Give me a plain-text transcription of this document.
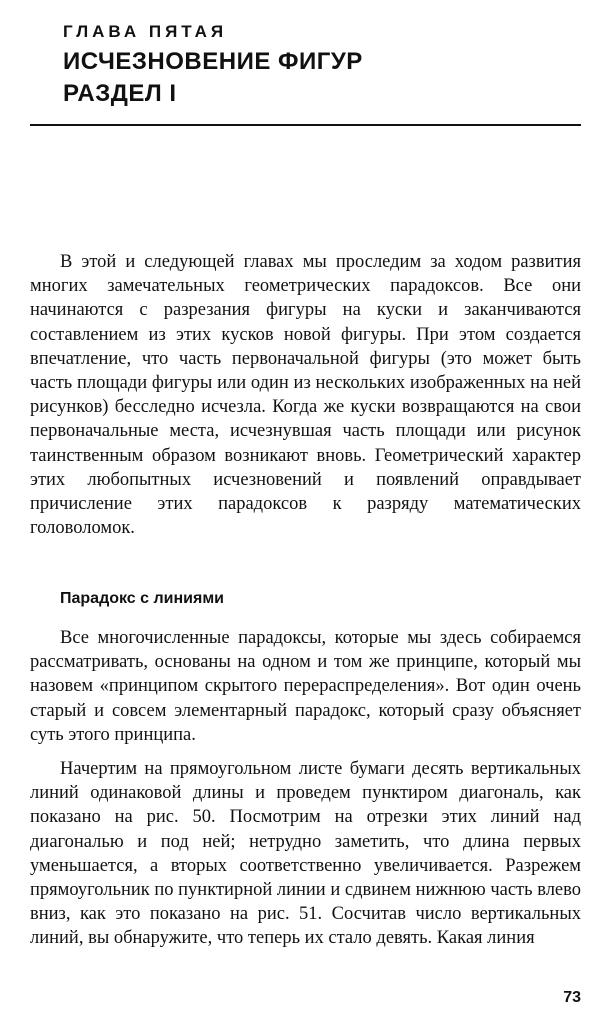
ГЛАВА ПЯТАЯ
ИСЧЕЗНОВЕНИЕ ФИГУР
РАЗДЕЛ I

В этой и следующей главах мы проследим за ходом развития многих замечательных геометрических парадоксов. Все они начинаются с разрезания фигуры на куски и заканчиваются составлением из этих кусков новой фигуры. При этом создается впечатление, что часть первоначальной фигуры (это может быть часть площади фигуры или один из нескольких изображенных на ней рисунков) бесследно исчезла. Когда же куски возвращаются на свои первоначальные места, исчезнувшая часть площади или рисунок таинственным образом возникают вновь. Геометрический характер этих любопытных исчезновений и появлений оправдывает причисление этих парадоксов к разряду математических головоломок.

Парадокс с линиями

Все многочисленные парадоксы, которые мы здесь собираемся рассматривать, основаны на одном и том же принципе, который мы назовем «принципом скрытого перераспределения». Вот один очень старый и совсем элементарный парадокс, который сразу объясняет суть этого принципа.

Начертим на прямоугольном листе бумаги десять вертикальных линий одинаковой длины и проведем пунктиром диагональ, как показано на рис. 50. Посмотрим на отрезки этих линий над диагональю и под ней; нетрудно заметить, что длина первых уменьшается, а вторых соответственно увеличивается. Разрежем прямоугольник по пунктирной линии и сдвинем нижнюю часть влево вниз, как это показано на рис. 51. Сосчитав число вертикальных линий, вы обнаружите, что теперь их стало девять. Какая линия

73
